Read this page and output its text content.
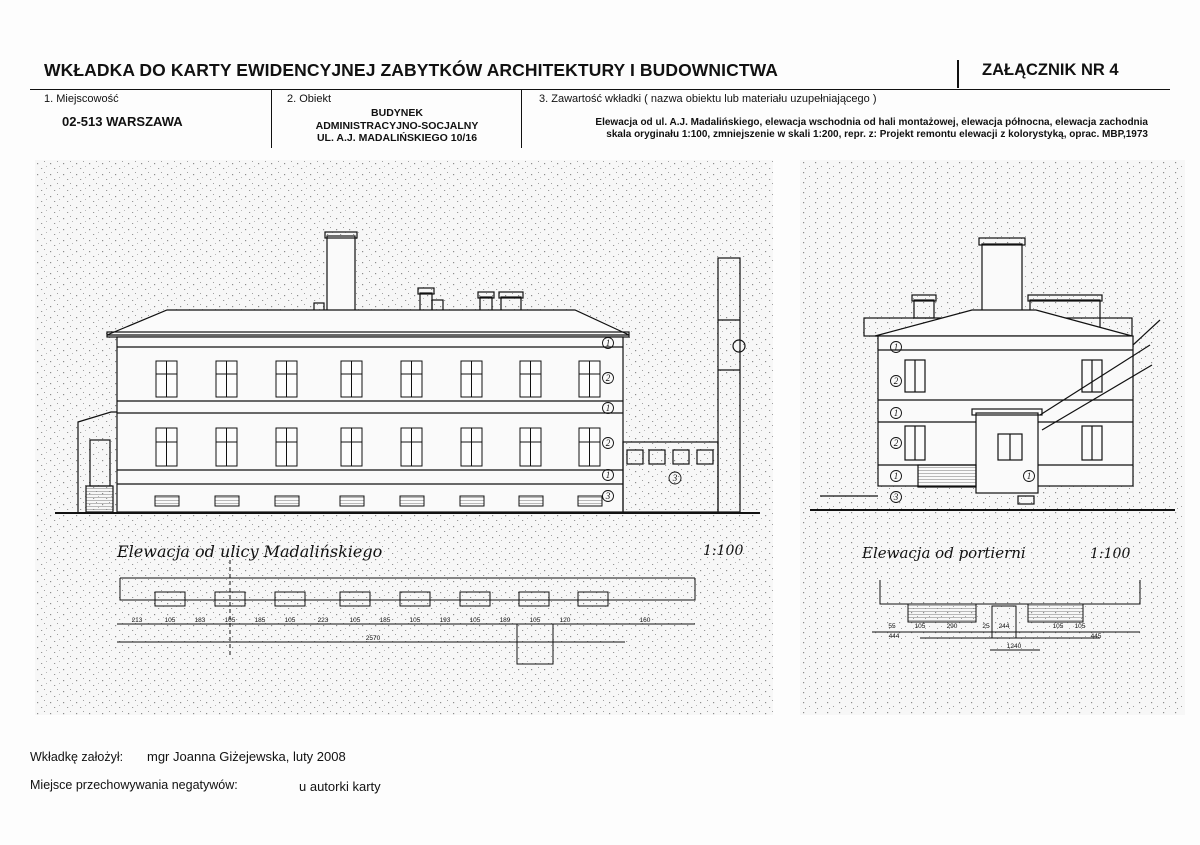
WKŁADKA DO KARTY EWIDENCYJNEJ ZABYTKÓW ARCHITEKTURY I BUDOWNICTWA	ZAŁĄCZNIK NR 4
1. Miejscowość
02-513 WARSZAWA
2. Obiekt
BUDYNEK
ADMINISTRACYJNO-SOCJALNY
UL. A.J. MADALIŃSKIEGO 10/16
3. Zawartość wkładki ( nazwa obiektu lub materiału uzupełniającego )
Elewacja od ul. A.J. Madalińskiego, elewacja wschodnia od hali montażowej, elewacja północna, elewacja zachodnia
skala oryginału 1:100, zmniejszenie w skali 1:200, repr. z: Projekt remontu elewacji z kolorystyką, oprac. MBP,1973
1
2
1
2
1
3
3
Elewacja od ulicy Madalińskiego	1:100
213	105	183	105	185	105	223	105	185	105	193	105	189	105	120	160
2570
1
2
1
2
1
3
1
Elewacja od portierni	1:100
55	105	290	25 244	105
444
105
445
1240
Wkładkę założył: mgr Joanna Giżejewska, luty 2008
Miejsce przechowywania negatywów:	u autorki karty
